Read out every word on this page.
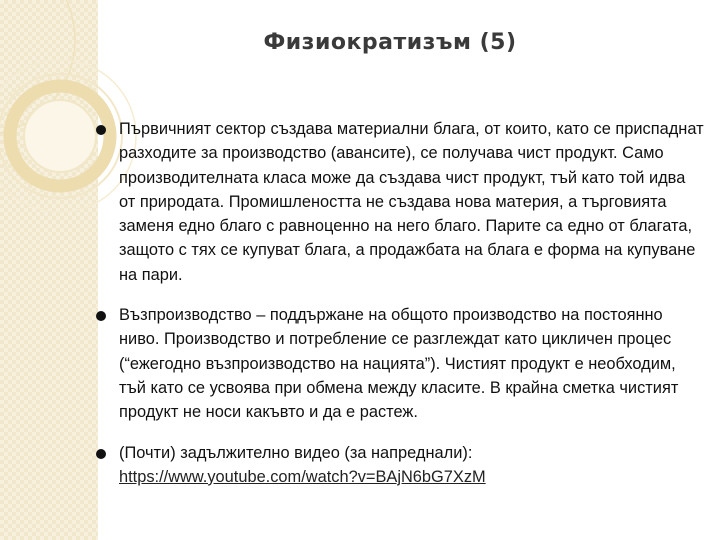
Физиократизъм (5)
Първичният сектор създава материални блага, от които, като се приспаднат разходите за производство (авансите), се получава чист продукт. Само производителната класа може да създава чист продукт, тъй като той идва от природата. Промишлеността не създава нова материя, а търговията заменя едно благо с равноценно на него благо. Парите са едно от благата, защото с тях се купуват блага, а продажбата на блага е форма на купуване на пари.
Възпроизводство – поддържане на общото производство на постоянно ниво. Производство и потребление се разглеждат като цикличен процес (“ежегодно възпроизводство на нацията”). Чистият продукт е необходим, тъй като се усвоява при обмена между класите. В крайна сметка чистият продукт не носи какъвто и да е растеж.
(Почти) задължително видео (за напреднали):
https://www.youtube.com/watch?v=BAjN6bG7XzM
